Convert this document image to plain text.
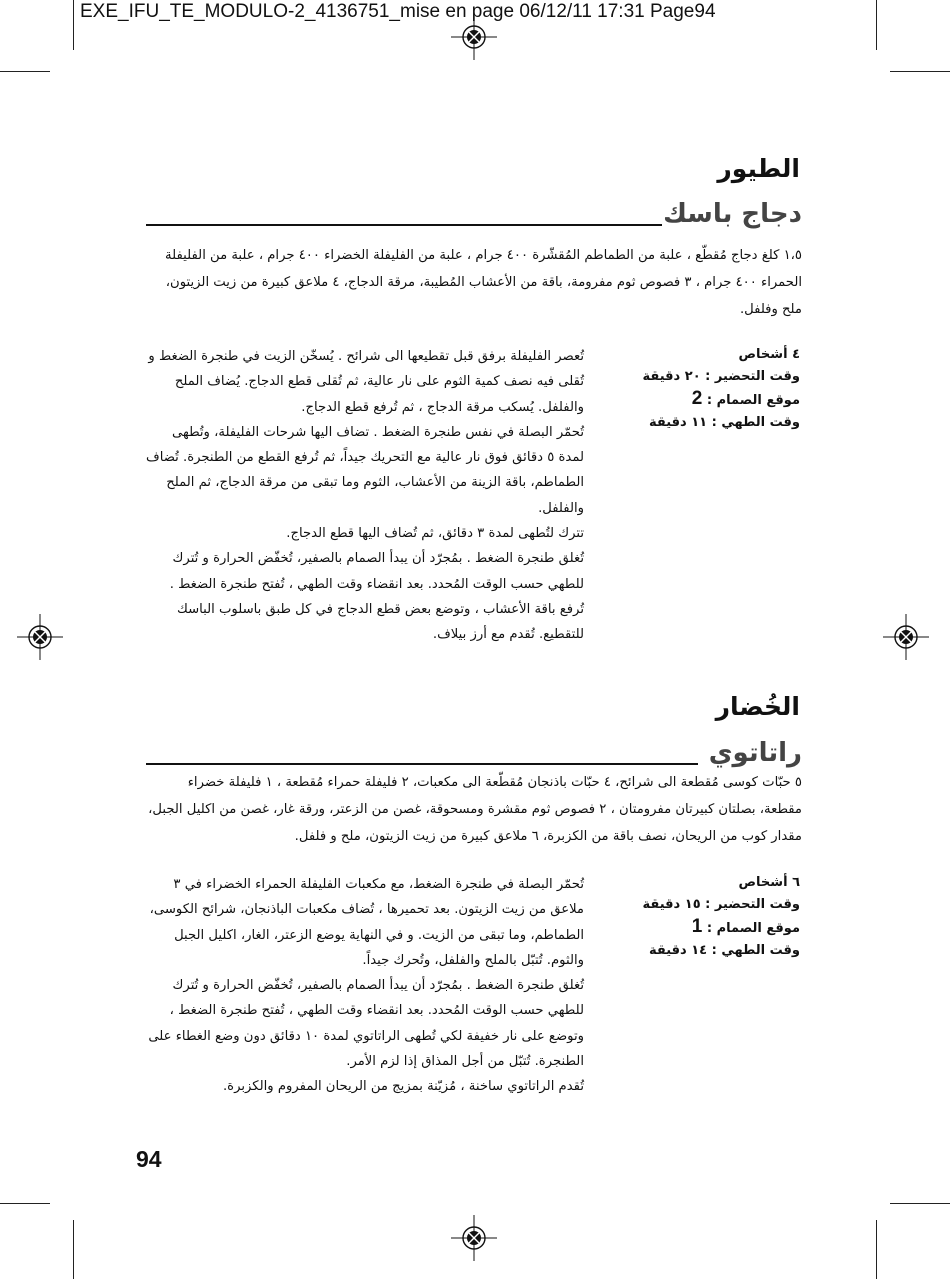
EXE_IFU_TE_MODULO-2_4136751_mise en page 06/12/11 17:31 Page94
الطيور
دجاج باسك
١،٥ كلغ دجاج مُقطّع ، علبة من الطماطم المُقشّرة ٤٠٠ جرام ، علبة من الفليفلة الخضراء ٤٠٠ جرام ، علبة من الفليفلة الحمراء ٤٠٠ جرام ، ٣ فصوص ثوم مفرومة، باقة من الأعشاب المُطيبة، مرقة الدجاج، ٤ ملاعق كبيرة من زيت الزيتون، ملح وفلفل.
٤ أشخاص
وقت التحضير : ٢٠ دقيقة
موقع الصمام : 2
وقت الطهي : ١١ دقيقة

تُعصر الفليفلة برفق قبل تقطيعها الى شرائح . يُسخّن الزيت في طنجرة الضغط و تُقلى فيه نصف كمية الثوم على نار عالية، ثم تُقلى قطع الدجاج. يُضاف الملح والفلفل. يُسكب مرقة الدجاج ، ثم تُرفع قطع الدجاج.

تُحمّر البصلة في نفس طنجرة الضغط . تضاف اليها شرحات الفليفلة، وتُطهى لمدة ٥ دقائق فوق نار عالية مع التحريك جيداً، ثم تُرفع القطع من الطنجرة. تُضاف الطماطم، باقة الزينة من الأعشاب، الثوم وما تبقى من مرقة الدجاج، ثم الملح والفلفل.

تترك لتُطهى لمدة ٣ دقائق، ثم تُضاف اليها قطع الدجاج.

تُغلق طنجرة الضغط . بمُجرّد أن يبدأ الصمام بالصفير، تُخفّض الحرارة و تُترك للطهي حسب الوقت المُحدد. بعد انقضاء وقت الطهي ، تُفتح طنجرة الضغط .

تُرفع باقة الأعشاب ، وتوضع بعض قطع الدجاج في كل طبق باسلوب الباسك للتقطيع. تُقدم مع أرز بيلاف.

الخُضار
راتاتوي
٥ حبّات كوسى مُقطعة الى شرائح، ٤ حبّات باذنجان مُقطّعة الى مكعبات، ٢ فليفلة حمراء مُقطعة ، ١ فليفلة خضراء مقطعة، بصلتان كبيرتان مفرومتان ، ٢ فصوص ثوم مقشرة ومسحوقة، غصن من الزعتر، ورقة غار، غصن من اكليل الجبل، مقدار كوب من الريحان، نصف باقة من الكزبرة، ٦ ملاعق كبيرة من زيت الزيتون، ملح و فلفل.
٦ أشخاص
وقت التحضير : ١٥ دقيقة
موقع الصمام : 1
وقت الطهي : ١٤ دقيقة

تُحمّر البصلة في طنجرة الضغط، مع مكعبات الفليفلة الحمراء الخضراء في ٣ ملاعق من زيت الزيتون. بعد تحميرها ، تُضاف مكعبات الباذنجان، شرائح الكوسى، الطماطم، وما تبقى من الزيت. و في النهاية يوضع الزعتر، الغار، اكليل الجبل والثوم. تُتبّل بالملح والفلفل، وتُحرك جيداً.

تُغلق طنجرة الضغط . بمُجرّد أن يبدأ الصمام بالصفير، تُخفّض الحرارة و تُترك للطهي حسب الوقت المُحدد. بعد انقضاء وقت الطهي ، تُفتح طنجرة الضغط ، وتوضع على نار خفيفة لكي تُطهى الراتاتوي لمدة ١٠ دقائق دون وضع الغطاء على الطنجرة. تُتبّل من أجل المذاق إذا لزم الأمر.

تُقدم الراتاتوي ساخنة ، مُزيّنة بمزيج من الريحان المفروم والكزبرة.

94
